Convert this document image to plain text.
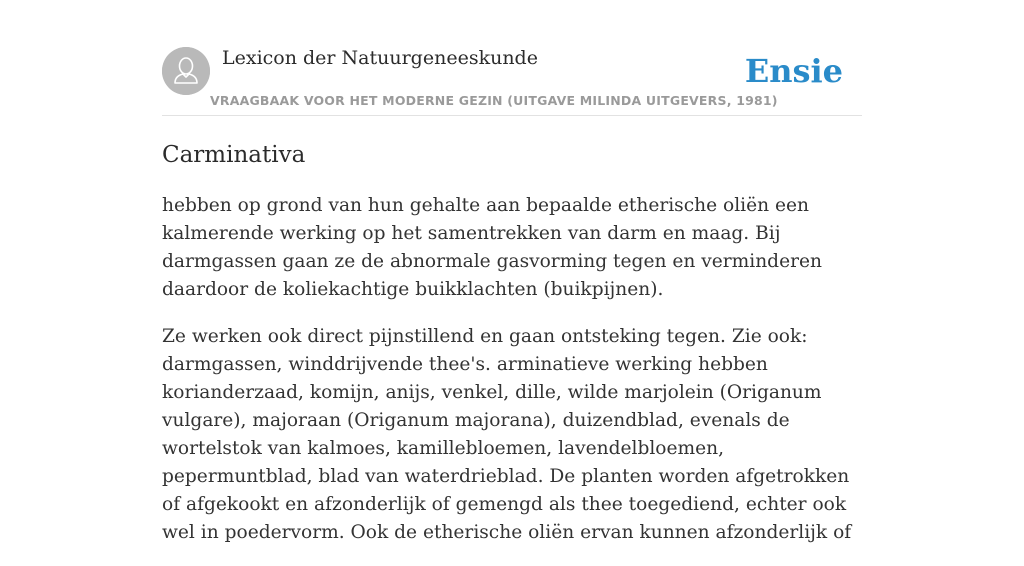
Lexicon der Natuurgeneeskunde
VRAAGBAAK VOOR HET MODERNE GEZIN (UITGAVE MILINDA UITGEVERS, 1981)
Ensie
Carminativa

hebben op grond van hun gehalte aan bepaalde etherische oliën een kalmerende werking op het samentrekken van darm en maag. Bij darmgassen gaan ze de abnormale gasvorming tegen en verminderen daardoor de koliekachtige buikklachten (buikpijnen).

Ze werken ook direct pijnstillend en gaan ontsteking tegen. Zie ook: darmgassen, winddrijvende thee's. arminatieve werking hebben korianderzaad, komijn, anijs, venkel, dille, wilde marjolein (Origanum vulgare), majoraan (Origanum majorana), duizendblad, evenals de wortelstok van kalmoes, kamillebloemen, lavendelbloemen, pepermuntblad, blad van waterdrieblad. De planten worden afgetrokken of afgekookt en afzonderlijk of gemengd als thee toegediend, echter ook wel in poedervorm. Ook de etherische oliën ervan kunnen afzonderlijk of
